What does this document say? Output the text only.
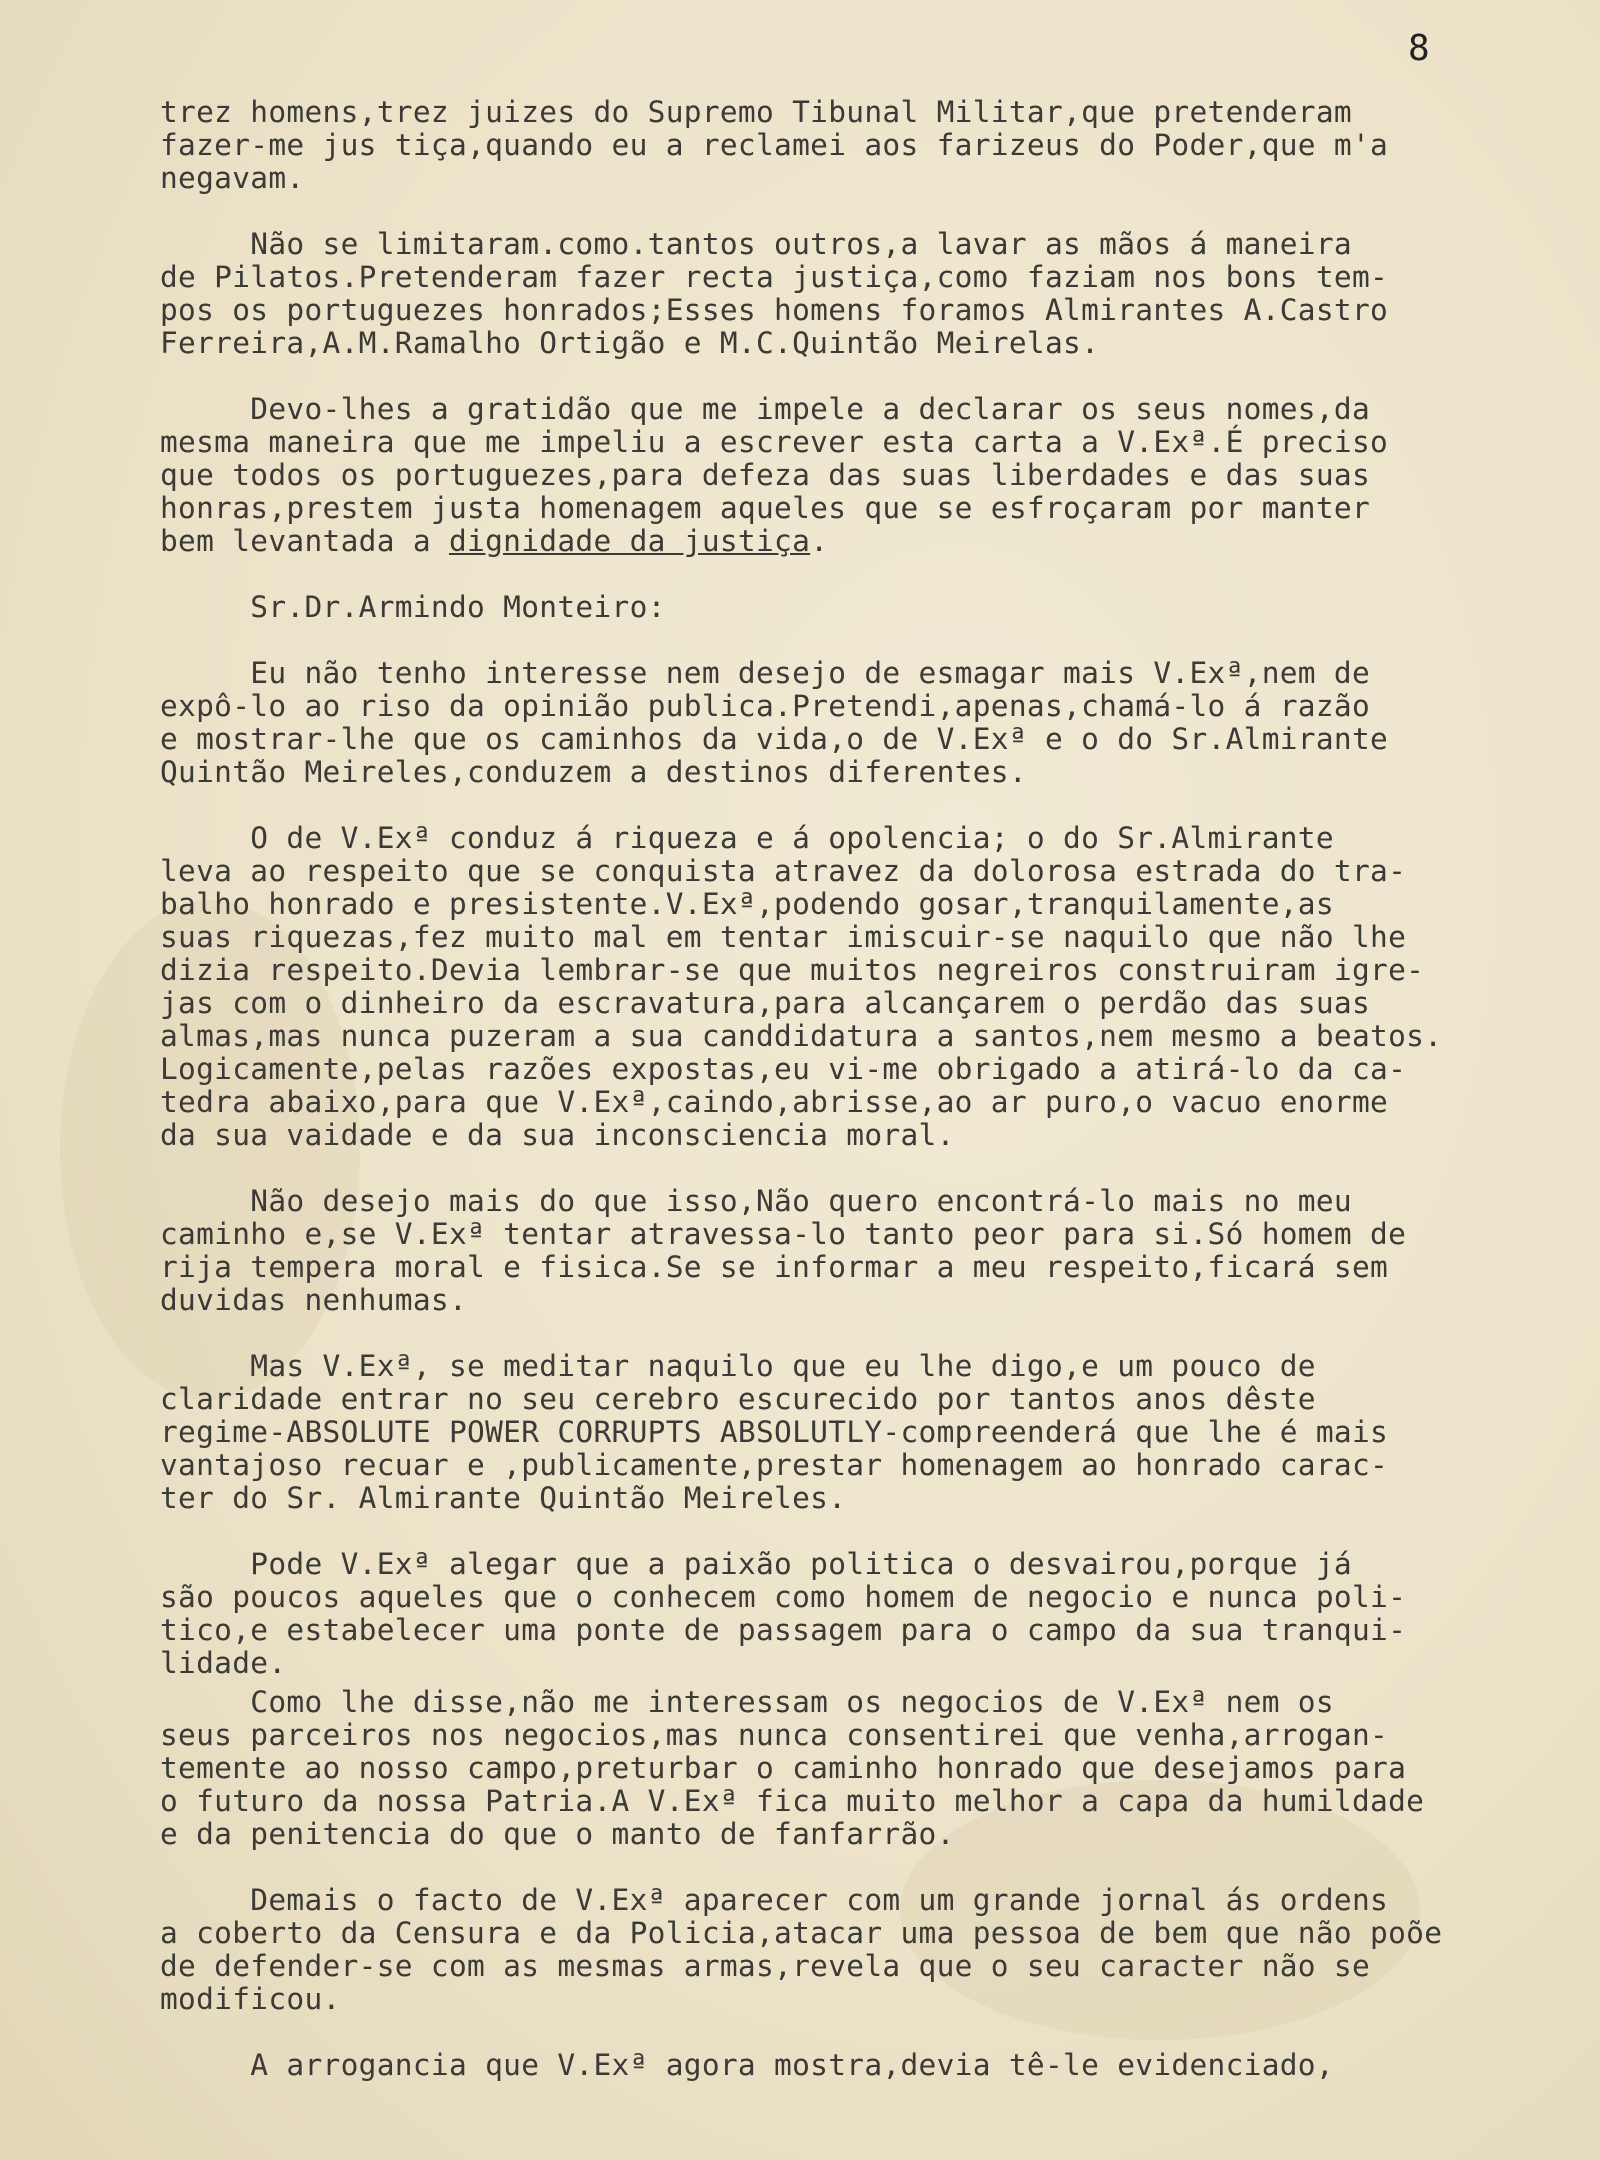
8
trez homens,trez juizes do Supremo Tibunal Militar,que pretenderam
fazer-me jus tiça,quando eu a reclamei aos farizeus do Poder,que m'a
negavam.
Não se limitaram.como.tantos outros,a lavar as mãos á maneira
de Pilatos.Pretenderam fazer recta justiça,como faziam nos bons tem-
pos os portuguezes honrados;Esses homens foramos Almirantes A.Castro
Ferreira,A.M.Ramalho Ortigão e M.C.Quintão Meirelas.
Devo-lhes a gratidão que me impele a declarar os seus nomes,da
mesma maneira que me impeliu a escrever esta carta a V.Exª.É preciso
que todos os portuguezes,para defeza das suas liberdades e das suas
honras,prestem justa homenagem aqueles que se esfroçaram por manter
bem levantada a dignidade da justiça.
Sr.Dr.Armindo Monteiro:
Eu não tenho interesse nem desejo de esmagar mais V.Exª,nem de
expô-lo ao riso da opinião publica.Pretendi,apenas,chamá-lo á razão
e mostrar-lhe que os caminhos da vida,o de V.Exª e o do Sr.Almirante
Quintão Meireles,conduzem a destinos diferentes.
O de V.Exª conduz á riqueza e á opolencia; o do Sr.Almirante
leva ao respeito que se conquista atravez da dolorosa estrada do tra-
balho honrado e presistente.V.Exª,podendo gosar,tranquilamente,as
suas riquezas,fez muito mal em tentar imiscuir-se naquilo que não lhe
dizia respeito.Devia lembrar-se que muitos negreiros construiram igre-
jas com o dinheiro da escravatura,para alcançarem o perdão das suas
almas,mas nunca puzeram a sua canddidatura a santos,nem mesmo a beatos.
Logicamente,pelas razões expostas,eu vi-me obrigado a atirá-lo da ca-
tedra abaixo,para que V.Exª,caindo,abrisse,ao ar puro,o vacuo enorme
da sua vaidade e da sua inconsciencia moral.
Não desejo mais do que isso,Não quero encontrá-lo mais no meu
caminho e,se V.Exª tentar atravessa-lo tanto peor para si.Só homem de
rija tempera moral e fisica.Se se informar a meu respeito,ficará sem
duvidas nenhumas.
Mas V.Exª, se meditar naquilo que eu lhe digo,e um pouco de
claridade entrar no seu cerebro escurecido por tantos anos dêste
regime-ABSOLUTE POWER CORRUPTS ABSOLUTLY-compreenderá que lhe é mais
vantajoso recuar e ,publicamente,prestar homenagem ao honrado carac-
ter do Sr. Almirante Quintão Meireles.
Pode V.Exª alegar que a paixão politica o desvairou,porque já
são poucos aqueles que o conhecem como homem de negocio e nunca poli-
tico,e estabelecer uma ponte de passagem para o campo da sua tranqui-
lidade.
Como lhe disse,não me interessam os negocios de V.Exª nem os
seus parceiros nos negocios,mas nunca consentirei que venha,arrogan-
temente ao nosso campo,preturbar o caminho honrado que desejamos para
o futuro da nossa Patria.A V.Exª fica muito melhor a capa da humildade
e da penitencia do que o manto de fanfarrão.
Demais o facto de V.Exª aparecer com um grande jornal ás ordens
a coberto da Censura e da Policia,atacar uma pessoa de bem que não poõe
de defender-se com as mesmas armas,revela que o seu caracter não se
modificou.
A arrogancia que V.Exª agora mostra,devia tê-le evidenciado,
